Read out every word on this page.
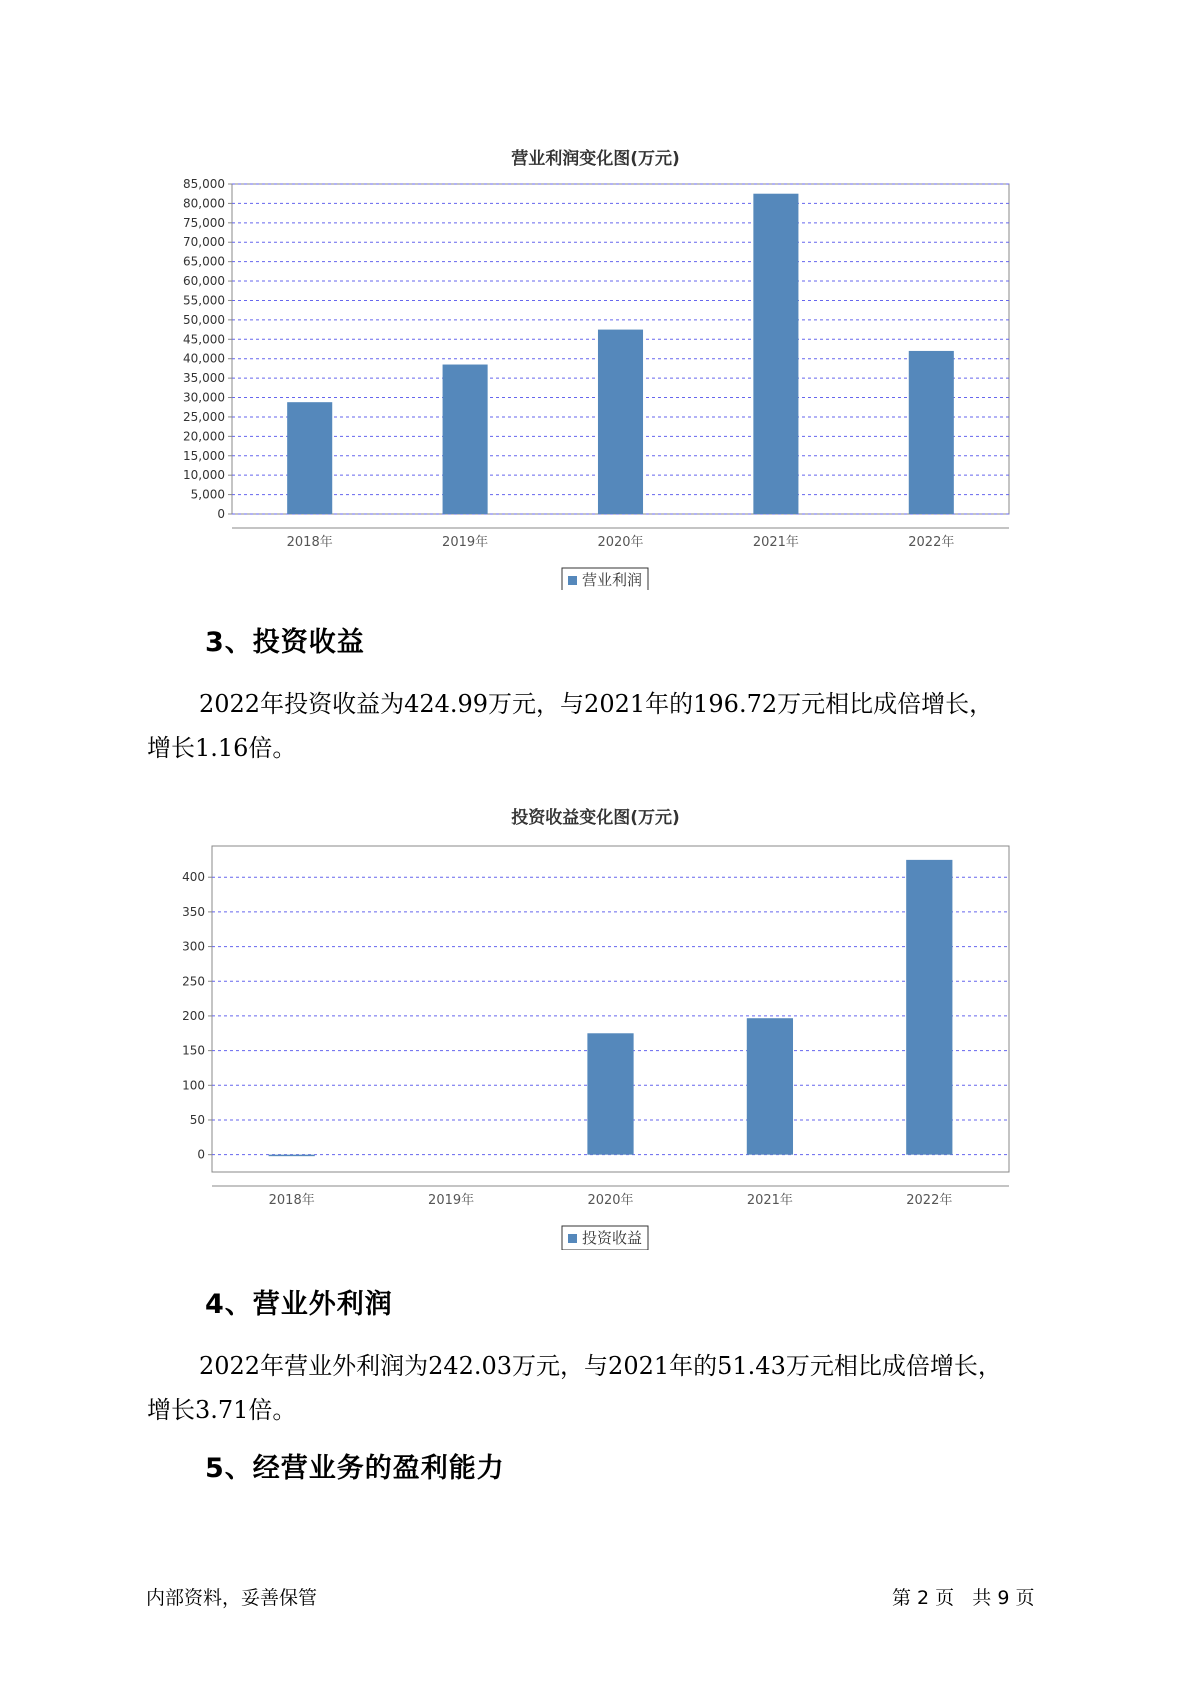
营业利润变化图(万元)
0
5,000
10,000
15,000
20,000
25,000
30,000
35,000
40,000
45,000
50,000
55,000
60,000
65,000
70,000
75,000
80,000
85,000
2018年	2019年	2020年	2021年	2022年
营业利润
3、投资收益
2022年投资收益为424.99万元，与2021年的196.72万元相比成倍增长，
增长1.16倍。
投资收益变化图(万元)
0
50
100
150
200
250
300
350
400
2018年	2019年	2020年	2021年	2022年
投资收益
4、营业外利润
2022年营业外利润为242.03万元，与2021年的51.43万元相比成倍增长，
增长3.71倍。
5、经营业务的盈利能力
内部资料，妥善保管	第 2 页   共 9 页
